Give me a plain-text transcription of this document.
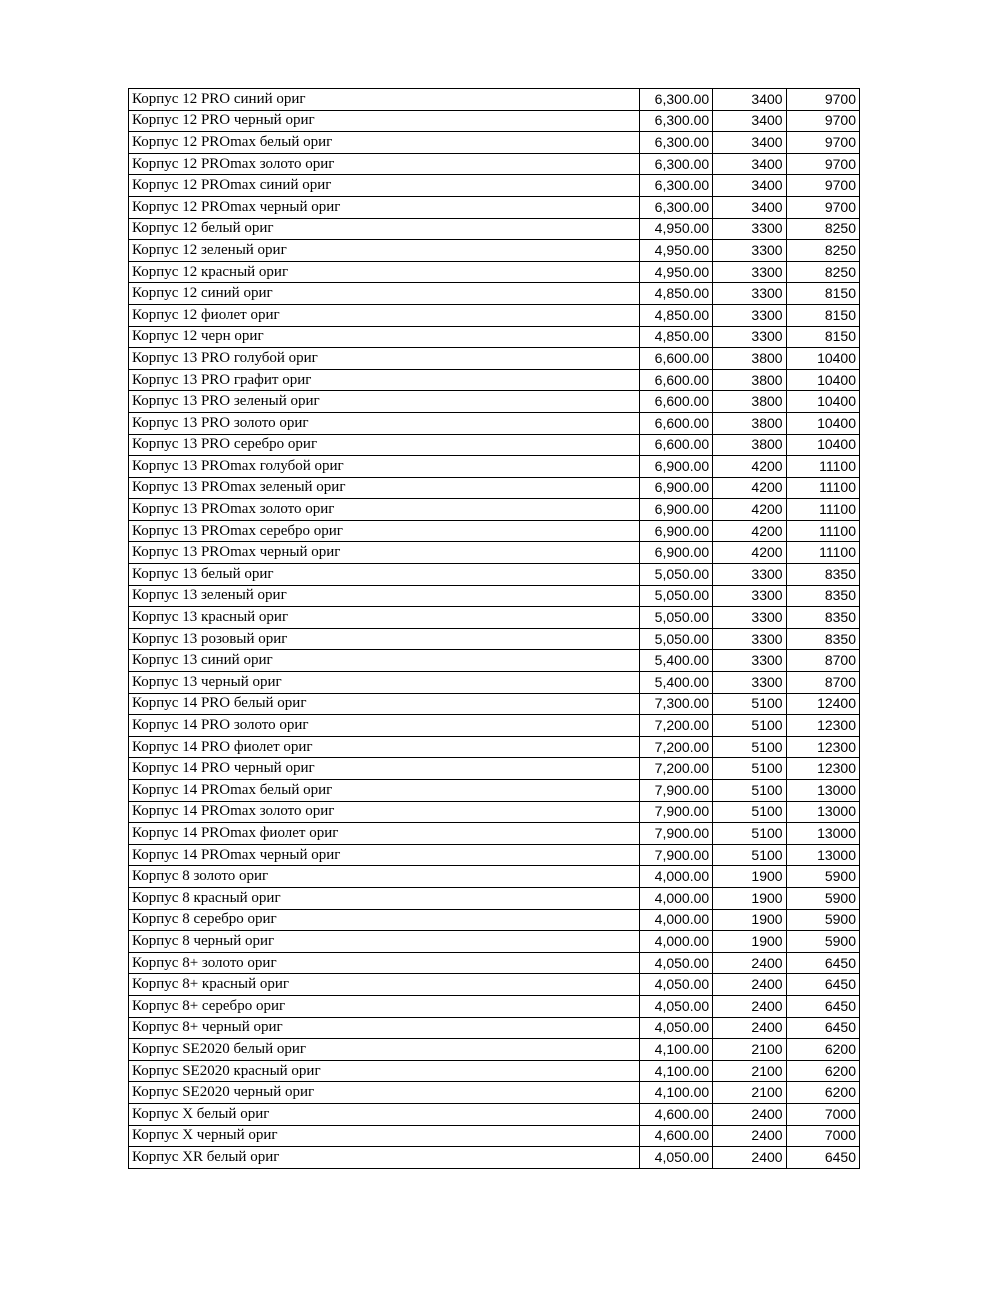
Корпус 12 PRO синий ориг	6,300.00	3400	9700
Корпус 12 PRO черный ориг	6,300.00	3400	9700
Корпус 12 PROmax белый ориг	6,300.00	3400	9700
Корпус 12 PROmax золото ориг	6,300.00	3400	9700
Корпус 12 PROmax синий ориг	6,300.00	3400	9700
Корпус 12 PROmax черный ориг	6,300.00	3400	9700
Корпус 12 белый ориг	4,950.00	3300	8250
Корпус 12 зеленый ориг	4,950.00	3300	8250
Корпус 12 красный ориг	4,950.00	3300	8250
Корпус 12 синий ориг	4,850.00	3300	8150
Корпус 12 фиолет ориг	4,850.00	3300	8150
Корпус 12 черн ориг	4,850.00	3300	8150
Корпус 13 PRO голубой ориг	6,600.00	3800	10400
Корпус 13 PRO графит ориг	6,600.00	3800	10400
Корпус 13 PRO зеленый ориг	6,600.00	3800	10400
Корпус 13 PRO золото ориг	6,600.00	3800	10400
Корпус 13 PRO серебро ориг	6,600.00	3800	10400
Корпус 13 PROmax голубой ориг	6,900.00	4200	11100
Корпус 13 PROmax зеленый ориг	6,900.00	4200	11100
Корпус 13 PROmax золото ориг	6,900.00	4200	11100
Корпус 13 PROmax серебро ориг	6,900.00	4200	11100
Корпус 13 PROmax черный ориг	6,900.00	4200	11100
Корпус 13 белый ориг	5,050.00	3300	8350
Корпус 13 зеленый ориг	5,050.00	3300	8350
Корпус 13 красный ориг	5,050.00	3300	8350
Корпус 13 розовый ориг	5,050.00	3300	8350
Корпус 13 синий ориг	5,400.00	3300	8700
Корпус 13 черный ориг	5,400.00	3300	8700
Корпус 14 PRO белый ориг	7,300.00	5100	12400
Корпус 14 PRO золото ориг	7,200.00	5100	12300
Корпус 14 PRO фиолет ориг	7,200.00	5100	12300
Корпус 14 PRO черный ориг	7,200.00	5100	12300
Корпус 14 PROmax белый ориг	7,900.00	5100	13000
Корпус 14 PROmax золото ориг	7,900.00	5100	13000
Корпус 14 PROmax фиолет ориг	7,900.00	5100	13000
Корпус 14 PROmax черный ориг	7,900.00	5100	13000
Корпус 8 золото ориг	4,000.00	1900	5900
Корпус 8 красный ориг	4,000.00	1900	5900
Корпус 8 серебро ориг	4,000.00	1900	5900
Корпус 8 черный ориг	4,000.00	1900	5900
Корпус 8+ золото ориг	4,050.00	2400	6450
Корпус 8+ красный ориг	4,050.00	2400	6450
Корпус 8+ серебро ориг	4,050.00	2400	6450
Корпус 8+ черный ориг	4,050.00	2400	6450
Корпус SE2020 белый ориг	4,100.00	2100	6200
Корпус SE2020 красный ориг	4,100.00	2100	6200
Корпус SE2020 черный ориг	4,100.00	2100	6200
Корпус X белый ориг	4,600.00	2400	7000
Корпус X черный ориг	4,600.00	2400	7000
Корпус XR белый ориг	4,050.00	2400	6450
